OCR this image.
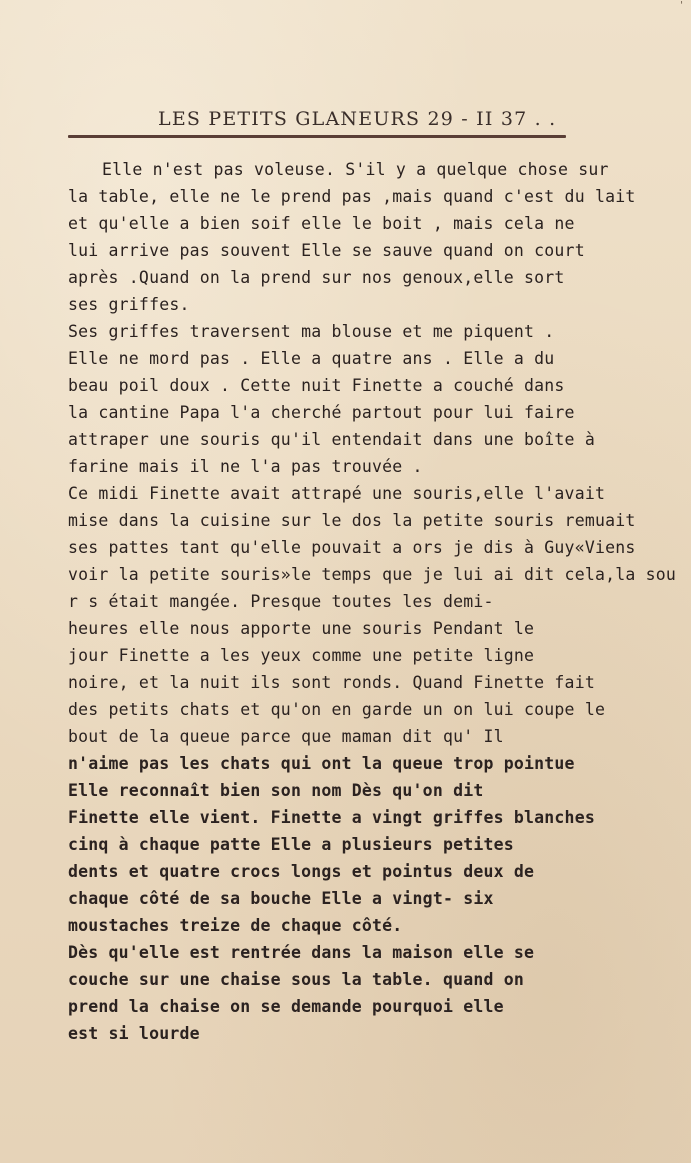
'
LES PETITS GLANEURS 29 - II 37 . .
Elle n'est pas voleuse. S'il y a quelque chose sur
la table, elle ne le prend pas ,mais quand c'est du lait
et qu'elle a bien soif elle le boit , mais cela ne
lui arrive pas souvent Elle se sauve quand on court
après .Quand on la prend sur nos genoux,elle sort
ses griffes.
Ses griffes traversent ma blouse et me piquent .
Elle ne mord pas . Elle a quatre ans . Elle a du
beau poil doux . Cette nuit Finette a couché dans
la cantine Papa l'a cherché partout pour lui faire
attraper une souris qu'il entendait dans une boîte à
farine mais il ne l'a pas trouvée .
Ce midi Finette avait attrapé une souris,elle l'avait
mise dans la cuisine sur le dos la petite souris remuait
ses pattes tant qu'elle pouvait a ors je dis à Guy«Viens
voir la petite souris»le temps que je lui ai dit cela,la sou
r s était mangée. Presque toutes les demi-
heures elle nous apporte une souris Pendant le
jour Finette a les yeux comme une petite ligne
noire, et la nuit ils sont ronds. Quand Finette fait
des petits chats et qu'on en garde un on lui coupe le
bout de la queue parce que maman dit qu' Il
n'aime pas les chats qui ont la queue trop pointue
Elle reconnaît bien son nom Dès qu'on dit
Finette elle vient. Finette a vingt griffes blanches
cinq à chaque patte Elle a plusieurs petites
dents et quatre crocs longs et pointus deux de
chaque côté de sa bouche Elle a vingt- six
moustaches treize de chaque côté.
Dès qu'elle est rentrée dans la maison elle se
couche sur une chaise sous la table. quand on
prend la chaise on se demande pourquoi elle
est si lourde
